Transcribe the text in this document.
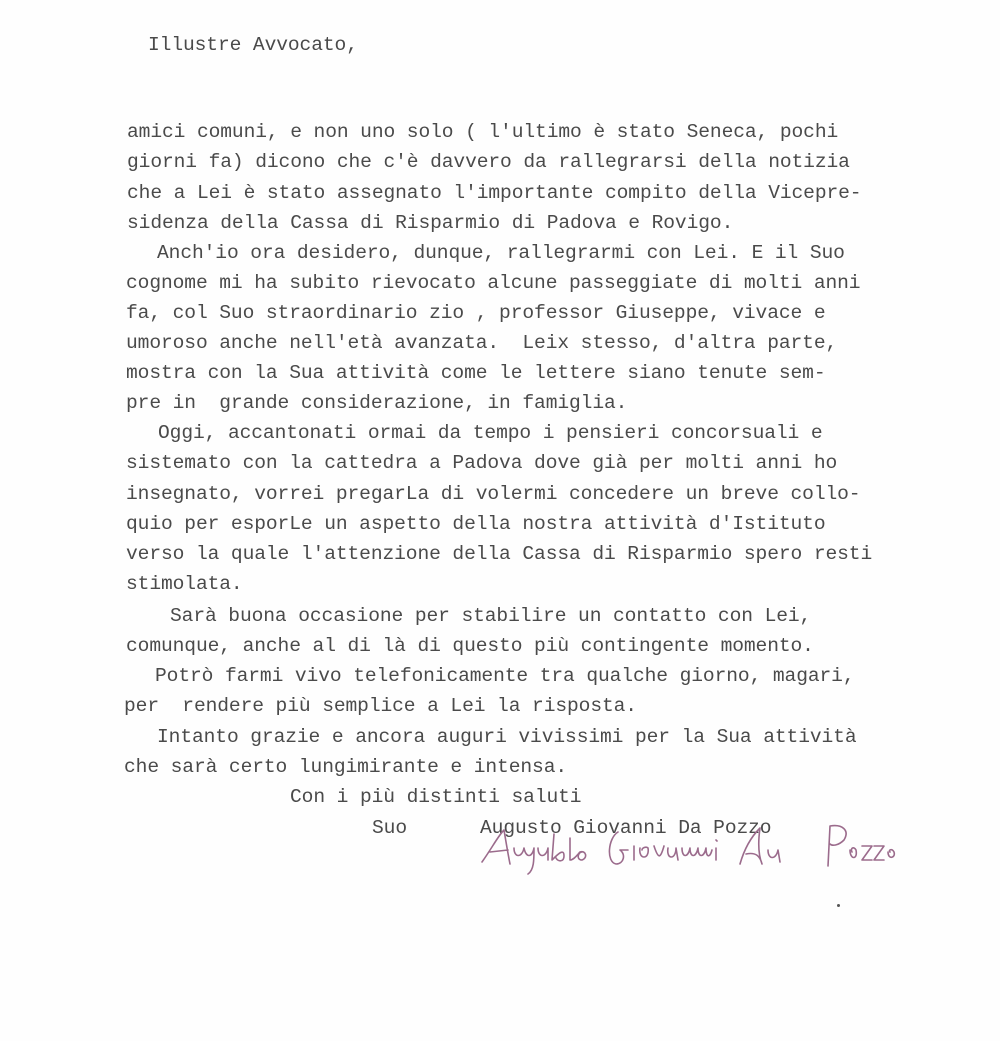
Illustre Avvocato,
amici comuni, e non uno solo ( l'ultimo è stato Seneca, pochi
giorni fa) dicono che c'è davvero da rallegrarsi della notizia
che a Lei è stato assegnato l'importante compito della Vicepre-
sidenza della Cassa di Risparmio di Padova e Rovigo.
Anch'io ora desidero, dunque, rallegrarmi con Lei. E il Suo
cognome mi ha subito rievocato alcune passeggiate di molti anni
fa, col Suo straordinario zio , professor Giuseppe, vivace e
umoroso anche nell'età avanzata.  Leix stesso, d'altra parte,
mostra con la Sua attività come le lettere siano tenute sem-
pre in  grande considerazione, in famiglia.
Oggi, accantonati ormai da tempo i pensieri concorsuali e
sistemato con la cattedra a Padova dove già per molti anni ho
insegnato, vorrei pregarLa di volermi concedere un breve collo-
quio per esporLe un aspetto della nostra attività d'Istituto
verso la quale l'attenzione della Cassa di Risparmio spero resti
stimolata.
Sarà buona occasione per stabilire un contatto con Lei,
comunque, anche al di là di questo più contingente momento.
Potrò farmi vivo telefonicamente tra qualche giorno, magari,
per  rendere più semplice a Lei la risposta.
Intanto grazie e ancora auguri vivissimi per la Sua attività
che sarà certo lungimirante e intensa.
Con i più distinti saluti
Suo	Augusto Giovanni Da Pozzo
